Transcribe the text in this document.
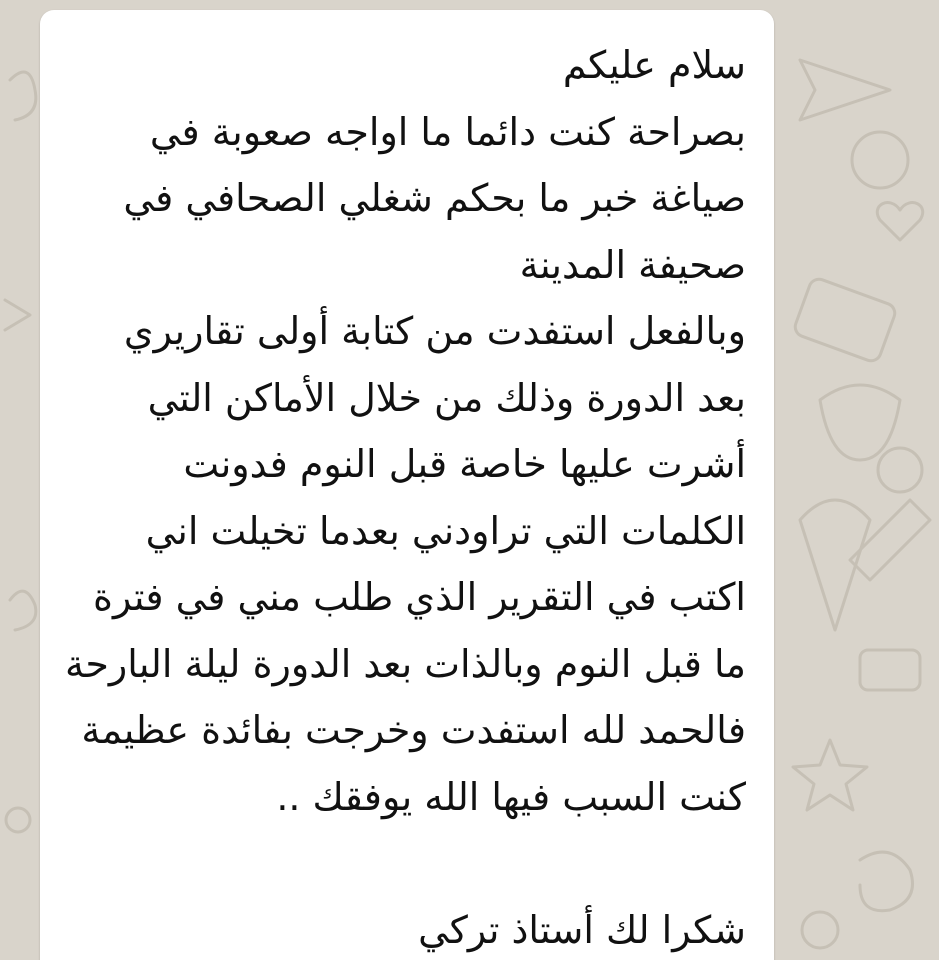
سلام عليكم
بصراحة كنت دائما ما اواجه صعوبة في
صياغة خبر ما بحكم شغلي الصحافي في
صحيفة المدينة
وبالفعل استفدت من كتابة أولى تقاريري
بعد الدورة وذلك من خلال الأماكن التي
أشرت عليها خاصة قبل النوم فدونت
الكلمات التي تراودني بعدما تخيلت اني
اكتب في التقرير الذي طلب مني في فترة
ما قبل النوم وبالذات بعد الدورة ليلة البارحة
فالحمد لله استفدت وخرجت بفائدة عظيمة
كنت السبب فيها الله يوفقك ..
شكرا لك أستاذ تركي
